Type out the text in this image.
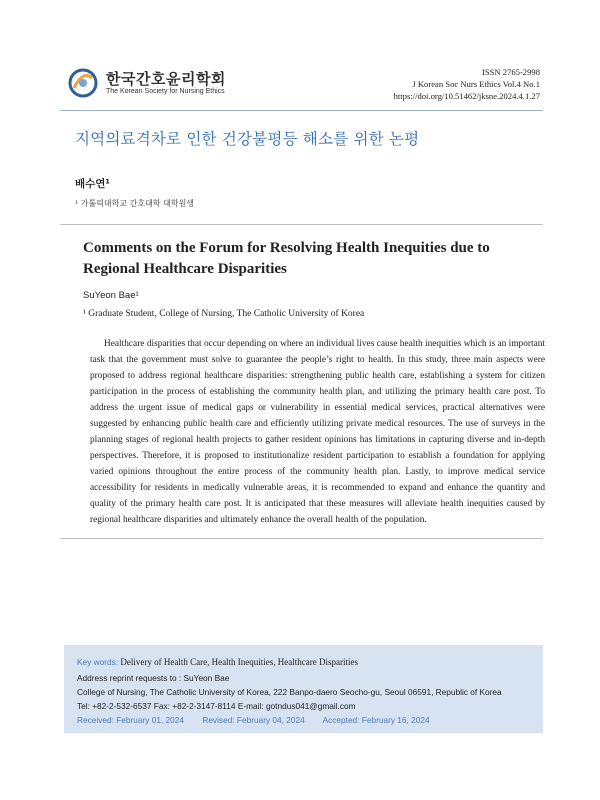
한국간호윤리학회
The Korean Society for Nursing Ethics
ISSN 2765-2998
J Korean Soc Nurs Ethics Vol.4 No.1
https://doi.org/10.51462/jksne.2024.4.1.27
지역의료격차로 인한 건강불평등 해소를 위한 논평
배수연¹
¹ 가톨릭대학교 간호대학 대학원생
Comments on the Forum for Resolving Health Inequities due to Regional Healthcare Disparities
SuYeon Bae¹
¹ Graduate Student, College of Nursing, The Catholic University of Korea

Healthcare disparities that occur depending on where an individual lives cause health inequities which is an important task that the government must solve to guarantee the people’s right to health. In this study, three main aspects were proposed to address regional healthcare disparities: strengthening public health care, establishing a system for citizen participation in the process of establishing the community health plan, and utilizing the primary health care post. To address the urgent issue of medical gaps or vulnerability in essential medical services, practical alternatives were suggested by enhancing public health care and efficiently utilizing private medical resources. The use of surveys in the planning stages of regional health projects to gather resident opinions has limitations in capturing diverse and in-depth perspectives. Therefore, it is proposed to institutionalize resident participation to establish a foundation for applying varied opinions throughout the entire process of the community health plan. Lastly, to improve medical service accessibility for residents in medically vulnerable areas, it is recommended to expand and enhance the quantity and quality of the primary health care post. It is anticipated that these measures will alleviate health inequities caused by regional healthcare disparities and ultimately enhance the overall health of the population.

Key words: Delivery of Health Care, Health Inequities, Healthcare Disparities
Address reprint requests to : SuYeon Bae
College of Nursing, The Catholic University of Korea, 222 Banpo-daero Seocho-gu, Seoul 06591, Republic of Korea
Tel: +82-2-532-6537 Fax: +82-2-3147-8114 E-mail: gotndus041@gmail.com
Received: February 01, 2024 Revised: February 04, 2024 Accepted: February 16, 2024
